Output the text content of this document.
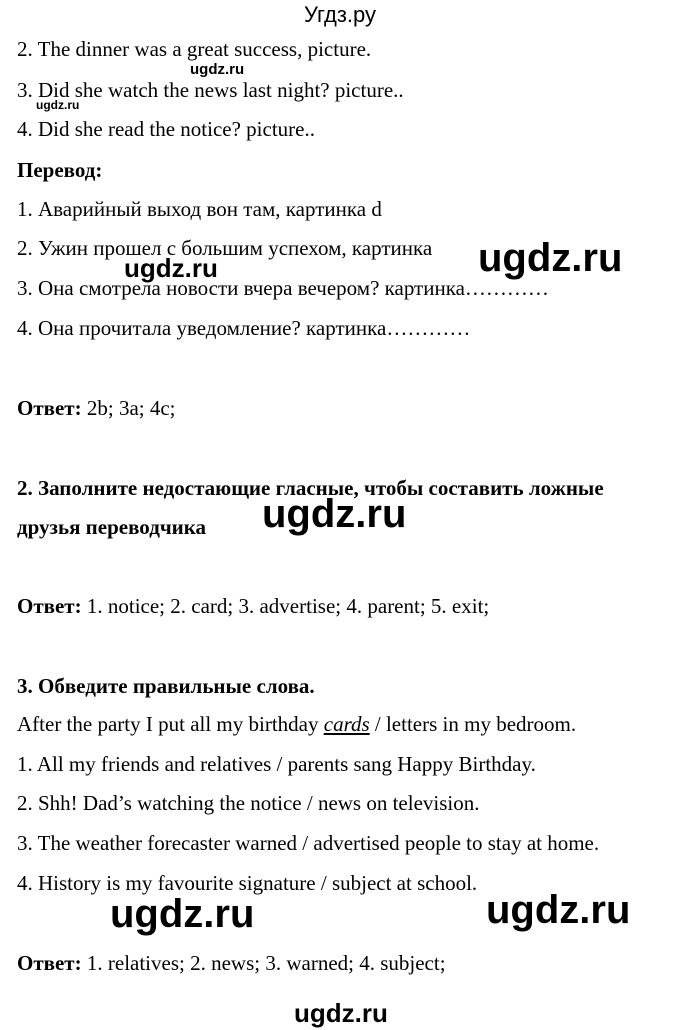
Угдз.ру
2. The dinner was a great success, picture.
3. Did she watch the news last night? picture..
4. Did she read the notice? picture..
Перевод:
1. Аварийный выход вон там, картинка d
2. Ужин прошел с большим успехом, картинка
3. Она смотрела новости вчера вечером? картинка…………
4. Она прочитала уведомление? картинка…………
Ответ: 2b; 3a; 4c;
2. Заполните недостающие гласные, чтобы составить ложные
друзья переводчика
Ответ: 1. notice; 2. card; 3. advertise; 4. parent; 5. exit;
3. Обведите правильные слова.
After the party I put all my birthday cards / letters in my bedroom.
1. All my friends and relatives / parents sang Happy Birthday.
2. Shh! Dad’s watching the notice / news on television.
3. The weather forecaster warned / advertised people to stay at home.
4. History is my favourite signature / subject at school.
Ответ: 1. relatives; 2. news; 3. warned; 4. subject;
ugdz.ru
ugdz.ru
ugdz.ru
ugdz.ru
ugdz.ru
ugdz.ru	ugdz.ru
ugdz.ru
